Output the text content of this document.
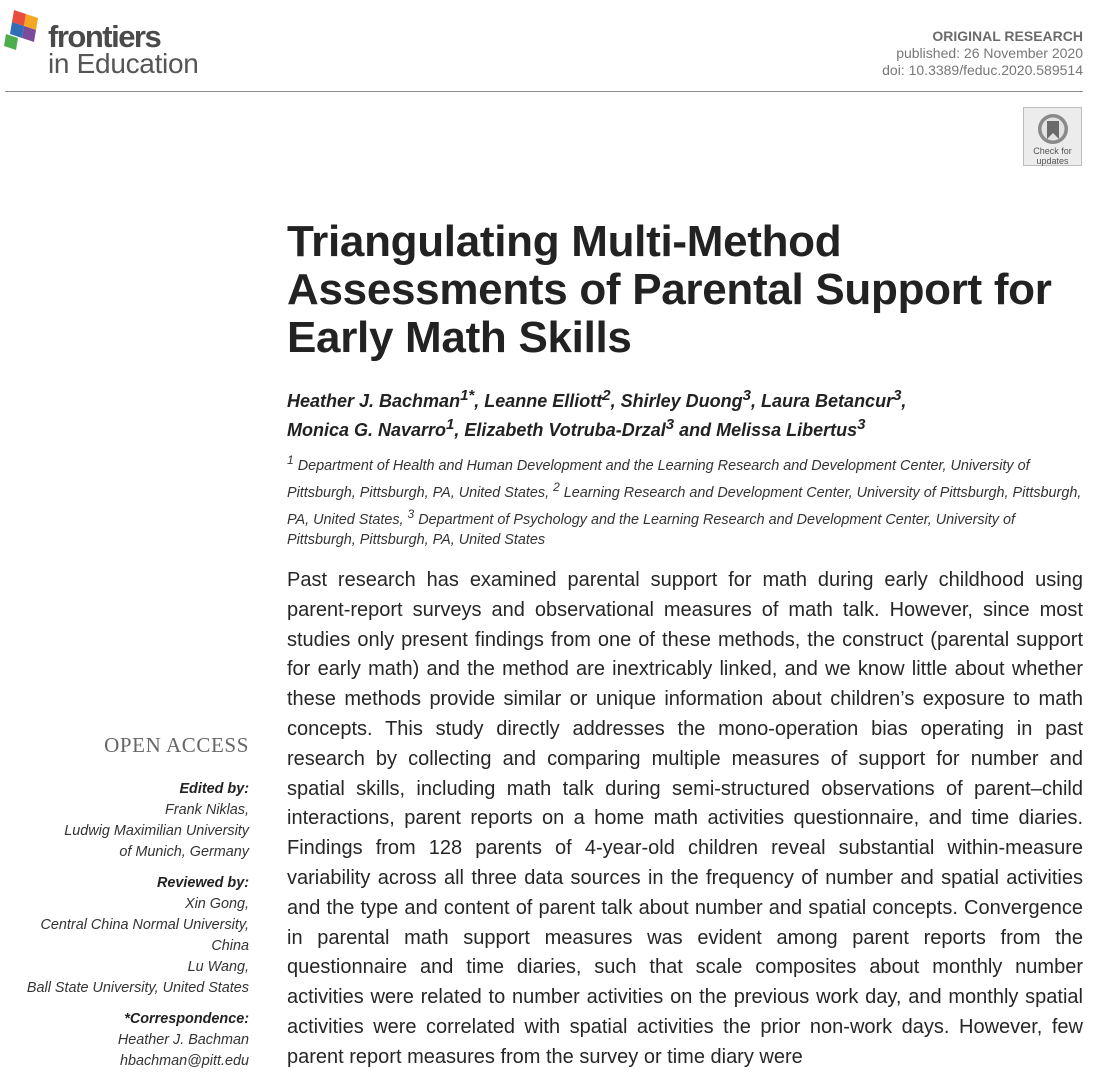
frontiers
in Education
ORIGINAL RESEARCH
published: 26 November 2020
doi: 10.3389/feduc.2020.589514
Check for
updates
Triangulating Multi-Method Assessments of Parental Support for Early Math Skills

Heather J. Bachman$^{1*}$, Leanne Elliott$^2$, Shirley Duong$^3$, Laura Betancur$^3$,
Monica G. Navarro$^1$, Elizabeth Votruba-Drzal$^3$ and Melissa Libertus$^3$

$^1$ Department of Health and Human Development and the Learning Research and Development Center, University of Pittsburgh, Pittsburgh, PA, United States, $^2$ Learning Research and Development Center, University of Pittsburgh, Pittsburgh, PA, United States, $^3$ Department of Psychology and the Learning Research and Development Center, University of Pittsburgh, Pittsburgh, PA, United States

Past research has examined parental support for math during early childhood using parent-report surveys and observational measures of math talk. However, since most studies only present findings from one of these methods, the construct (parental support for early math) and the method are inextricably linked, and we know little about whether these methods provide similar or unique information about children’s exposure to math concepts. This study directly addresses the mono-operation bias operating in past research by collecting and comparing multiple measures of support for number and spatial skills, including math talk during semi-structured observations of parent–child interactions, parent reports on a home math activities questionnaire, and time diaries. Findings from 128 parents of 4-year-old children reveal substantial within-measure variability across all three data sources in the frequency of number and spatial activities and the type and content of parent talk about number and spatial concepts. Convergence in parental math support measures was evident among parent reports from the questionnaire and time diaries, such that scale composites about monthly number activities were related to number activities on the previous work day, and monthly spatial activities were correlated with spatial activities the prior non-work days. However, few parent report measures from the survey or time diary were

OPEN ACCESS
Edited by:
Frank Niklas,
Ludwig Maximilian University
of Munich, Germany
Reviewed by:
Xin Gong,
Central China Normal University,
China
Lu Wang,
Ball State University, United States
*Correspondence:
Heather J. Bachman
hbachman@pitt.edu
